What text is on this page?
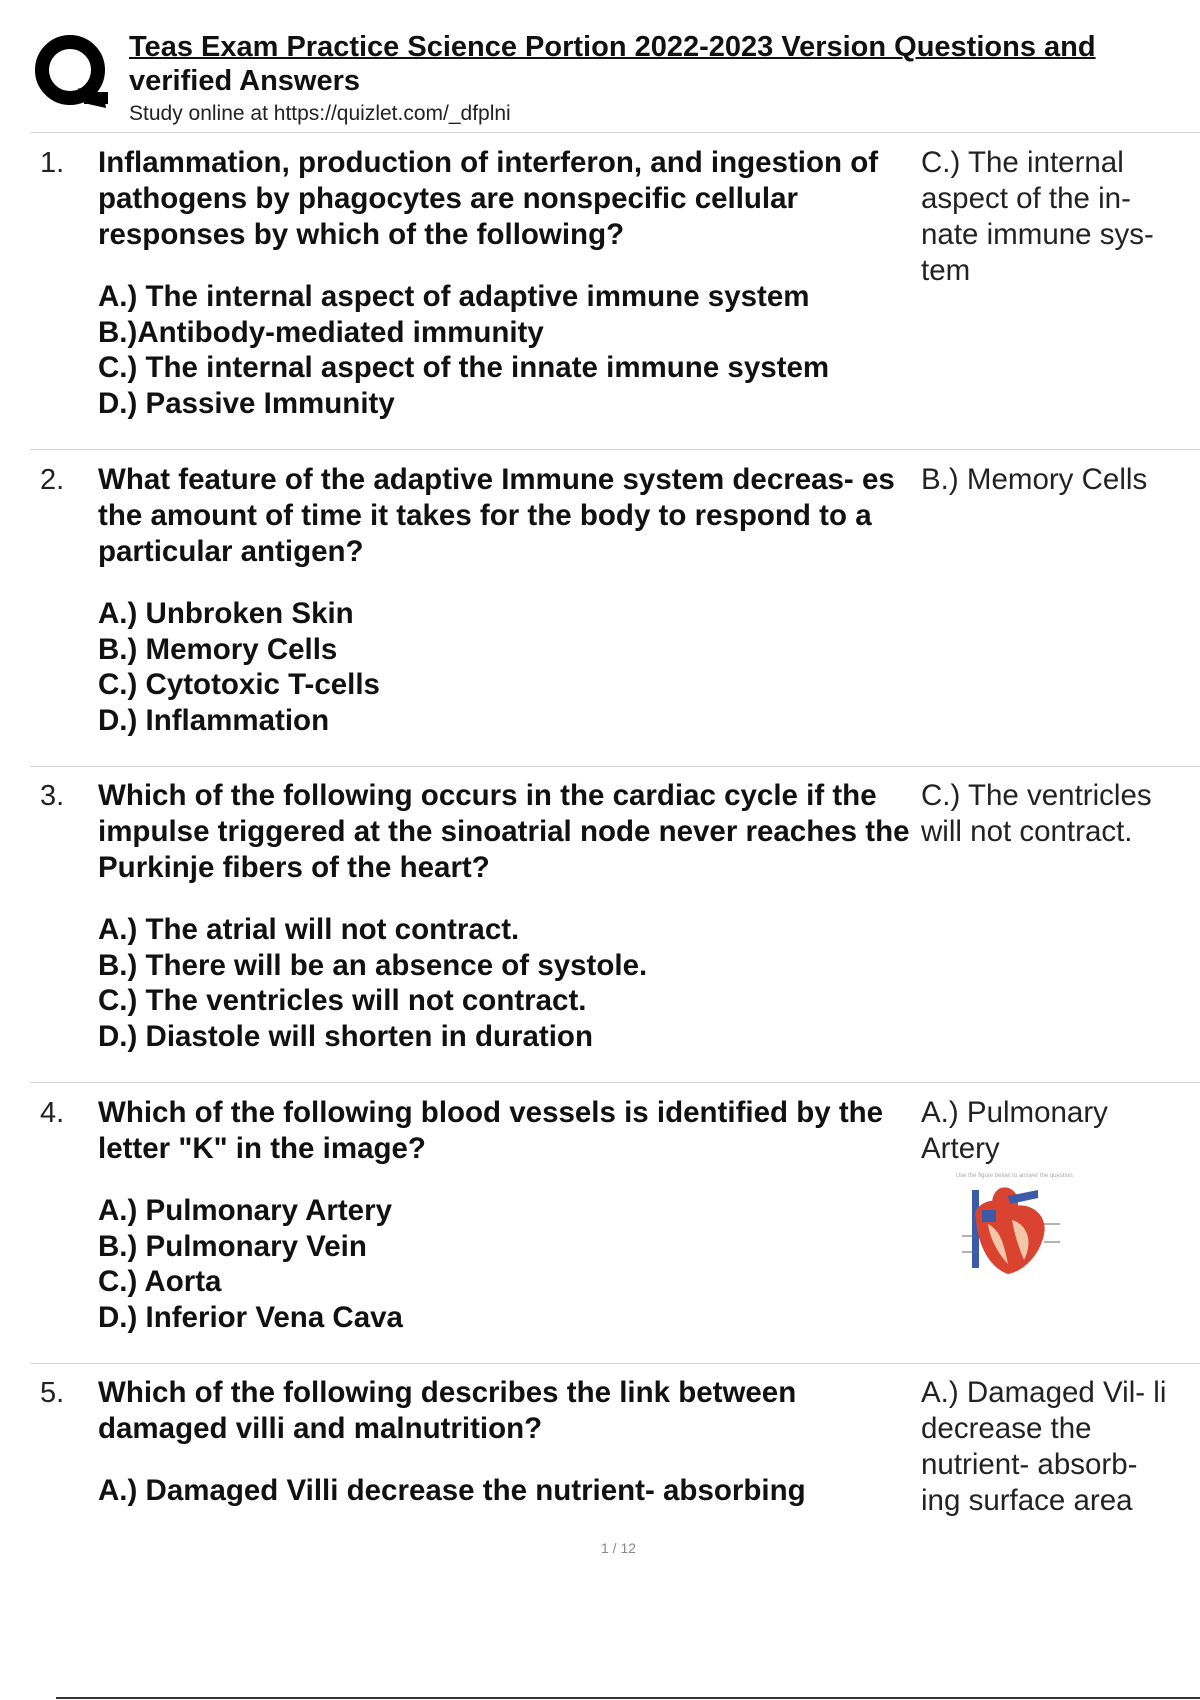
Teas Exam Practice Science Portion 2022-2023 Version Questions and
verified Answers
Study online at https://quizlet.com/_dfplni
1. Inflammation, production of interferon, and ingestion of pathogens by phagocytes are nonspecific cellular responses by which of the following?
A.) The internal aspect of adaptive immune system
B.)Antibody-mediated immunity
C.) The internal aspect of the innate immune system
D.) Passive Immunity
C.) The internal aspect of the in- nate immune sys- tem
2. What feature of the adaptive Immune system decreas- es the amount of time it takes for the body to respond to a particular antigen?
A.) Unbroken Skin
B.) Memory Cells
C.) Cytotoxic T-cells
D.) Inflammation
B.) Memory Cells
3. Which of the following occurs in the cardiac cycle if the impulse triggered at the sinoatrial node never reaches the Purkinje fibers of the heart?
A.) The atrial will not contract.
B.) There will be an absence of systole.
C.) The ventricles will not contract.
D.) Diastole will shorten in duration
C.) The ventricles will not contract.
4. Which of the following blood vessels is identified by the letter "K" in the image?
A.) Pulmonary Artery
B.) Pulmonary Vein
C.) Aorta
D.) Inferior Vena Cava
A.) Pulmonary Artery
Use the figure below to answer the question.
5. Which of the following describes the link between damaged villi and malnutrition?
A.) Damaged Villi decrease the nutrient- absorbing
A.) Damaged Vil- li decrease the nutrient- absorb- ing surface area
1 / 12
